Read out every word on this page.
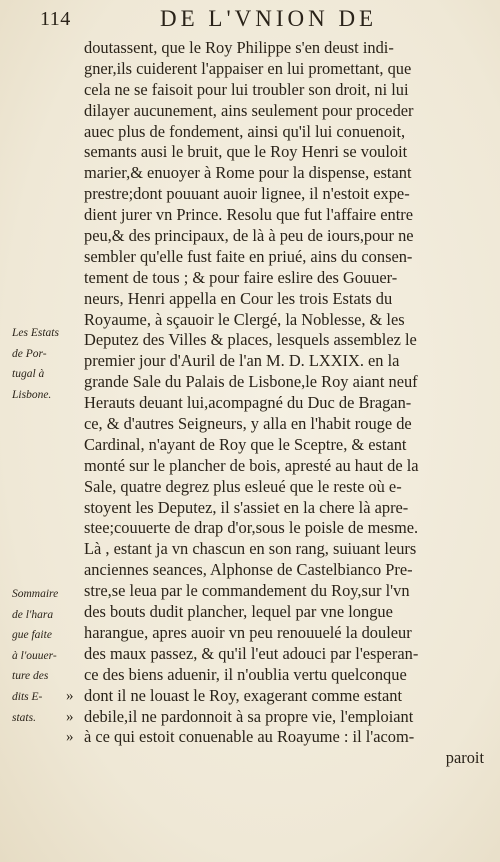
114	DE L'VNION DE
Les Estats
de Por-
tugal à
Lisbone.
Sommaire
de l'hara
gue faite
à l'ouuer-
ture des
dits E-
stats.
doutassent, que le Roy Philippe s'en deust indi-
gner,ils cuiderent l'appaiser en lui promettant, que
cela ne se faisoit pour lui troubler son droit, ni lui
dilayer aucunement, ains seulement pour proceder
auec plus de fondement, ainsi qu'il lui conuenoit,
semants ausi le bruit, que le Roy Henri se vouloit
marier,& enuoyer à Rome pour la dispense, estant
prestre;dont pouuant auoir lignee, il n'estoit expe-
dient jurer vn Prince. Resolu que fut l'affaire entre
peu,& des principaux, de là à peu de iours,pour ne
sembler qu'elle fust faite en priué, ains du consen-
tement de tous ; & pour faire eslire des Gouuer-
neurs, Henri appella en Cour les trois Estats du
Royaume, à sçauoir le Clergé, la Noblesse, & les
Deputez des Villes & places, lesquels assemblez le
premier jour d'Auril de l'an M. D. LXXIX. en la
grande Sale du Palais de Lisbone,le Roy aiant neuf
Herauts deuant lui,acompagné du Duc de Bragan-
ce, & d'autres Seigneurs, y alla en l'habit rouge de
Cardinal, n'ayant de Roy que le Sceptre, & estant
monté sur le plancher de bois, apresté au haut de la
Sale, quatre degrez plus esleué que le reste où e-
stoyent les Deputez, il s'assiet en la chere là apre-
stee;couuerte de drap d'or,sous le poisle de mesme.
Là , estant ja vn chascun en son rang, suiuant leurs
anciennes seances, Alphonse de Castelbianco Pre-
stre,se leua par le commandement du Roy,sur l'vn
des bouts dudit plancher, lequel par vne longue
harangue, apres auoir vn peu renouuelé la douleur
des maux passez, & qu'il l'eut adouci par l'esperan-
ce des biens aduenir, il n'oublia vertu quelconque
» dont il ne louast le Roy, exagerant comme estant
» debile,il ne pardonnoit à sa propre vie, l'emploiant
» à ce qui estoit conuenable au Roayume : il l'acom-
paroit
